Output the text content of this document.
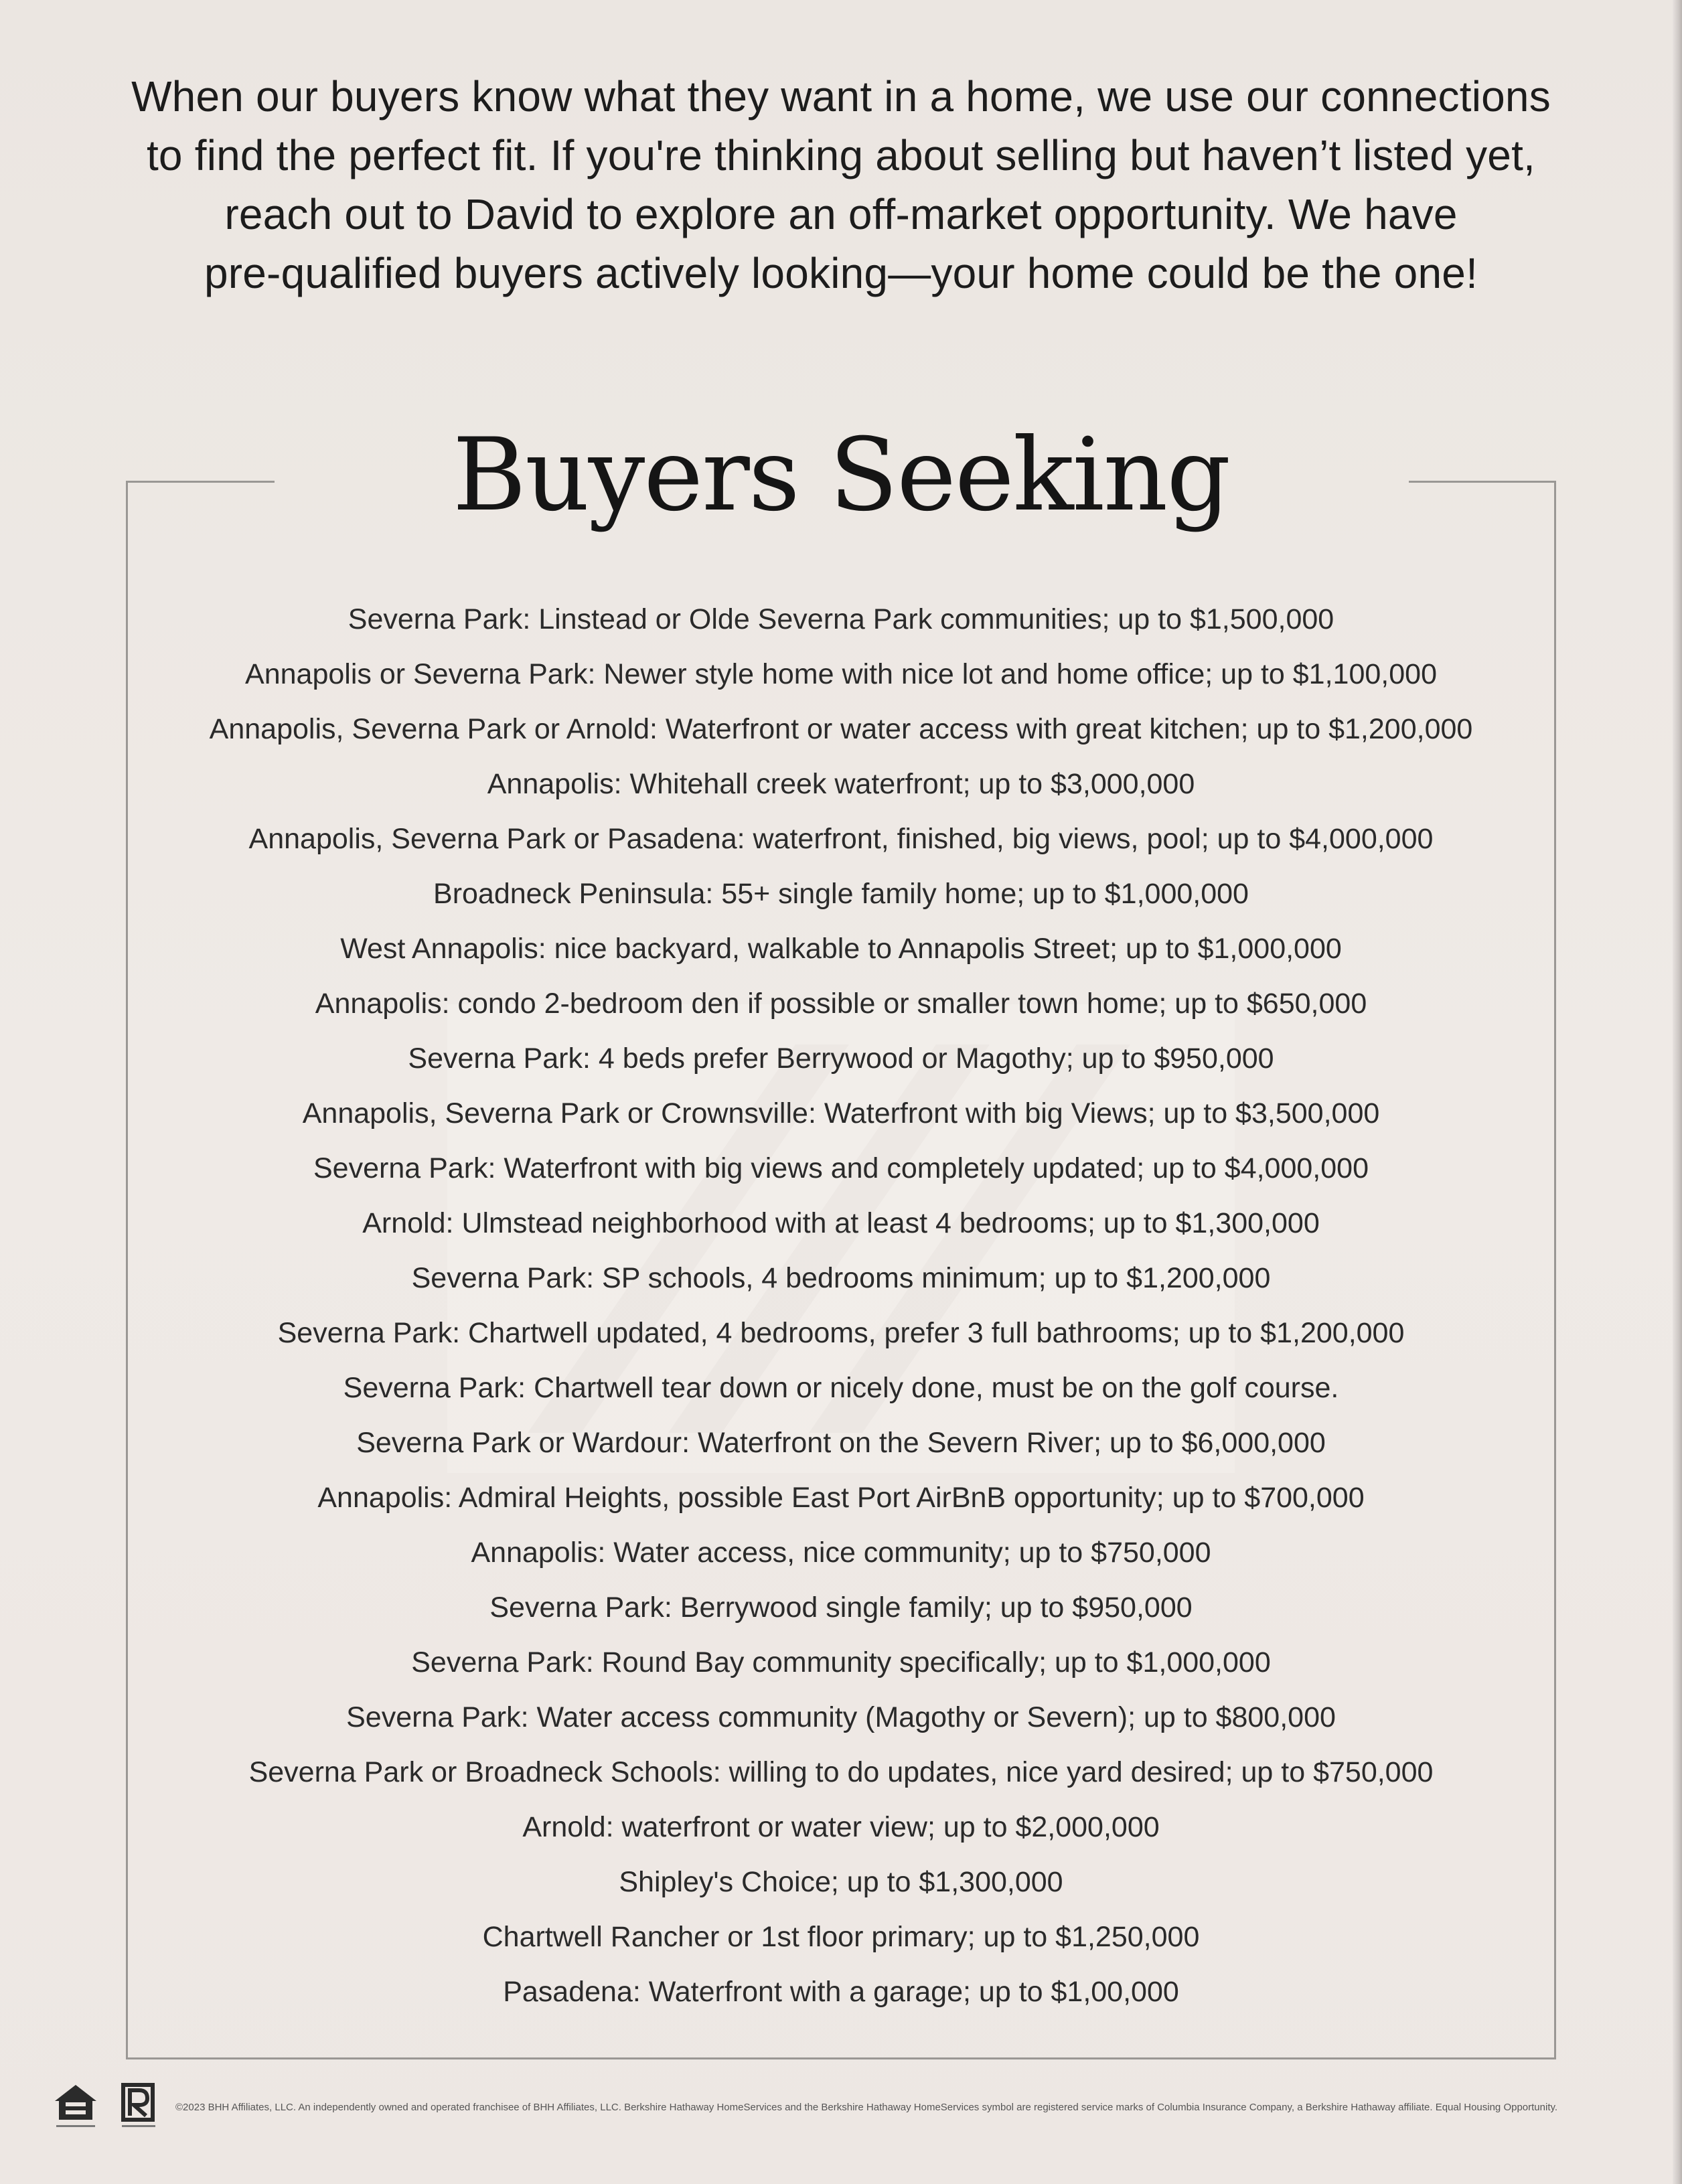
When our buyers know what they want in a home, we use our connections
to find the perfect fit. If you're thinking about selling but haven’t listed yet,
reach out to David to explore an off-market opportunity. We have
pre-qualified buyers actively looking—your home could be the one!
Buyers Seeking
Severna Park: Linstead or Olde Severna Park communities; up to $1,500,000
Annapolis or Severna Park: Newer style home with nice lot and home office; up to $1,100,000
Annapolis, Severna Park or Arnold: Waterfront or water access with great kitchen; up to $1,200,000
Annapolis: Whitehall creek waterfront; up to $3,000,000
Annapolis, Severna Park or Pasadena: waterfront, finished, big views, pool; up to $4,000,000
Broadneck Peninsula: 55+ single family home; up to $1,000,000
West Annapolis: nice backyard, walkable to Annapolis Street; up to $1,000,000
Annapolis: condo 2-bedroom den if possible or smaller town home; up to $650,000
Severna Park: 4 beds prefer Berrywood or Magothy; up to $950,000
Annapolis, Severna Park or Crownsville: Waterfront with big Views; up to $3,500,000
Severna Park: Waterfront with big views and completely updated; up to $4,000,000
Arnold: Ulmstead neighborhood with at least 4 bedrooms; up to $1,300,000
Severna Park: SP schools, 4 bedrooms minimum; up to $1,200,000
Severna Park: Chartwell updated, 4 bedrooms, prefer 3 full bathrooms; up to $1,200,000
Severna Park: Chartwell tear down or nicely done, must be on the golf course.
Severna Park or Wardour: Waterfront on the Severn River; up to $6,000,000
Annapolis: Admiral Heights, possible East Port AirBnB opportunity; up to $700,000
Annapolis: Water access, nice community; up to $750,000
Severna Park: Berrywood single family; up to $950,000
Severna Park: Round Bay community specifically; up to $1,000,000
Severna Park: Water access community (Magothy or Severn); up to $800,000
Severna Park or Broadneck Schools: willing to do updates, nice yard desired; up to $750,000
Arnold: waterfront or water view; up to $2,000,000
Shipley's Choice; up to $1,300,000
Chartwell Rancher or 1st floor primary; up to $1,250,000
Pasadena: Waterfront with a garage; up to $1,00,000
©2023 BHH Affiliates, LLC. An independently owned and operated franchisee of BHH Affiliates, LLC. Berkshire Hathaway HomeServices and the Berkshire Hathaway HomeServices symbol are registered service marks of Columbia Insurance Company, a Berkshire Hathaway affiliate. Equal Housing Opportunity.
